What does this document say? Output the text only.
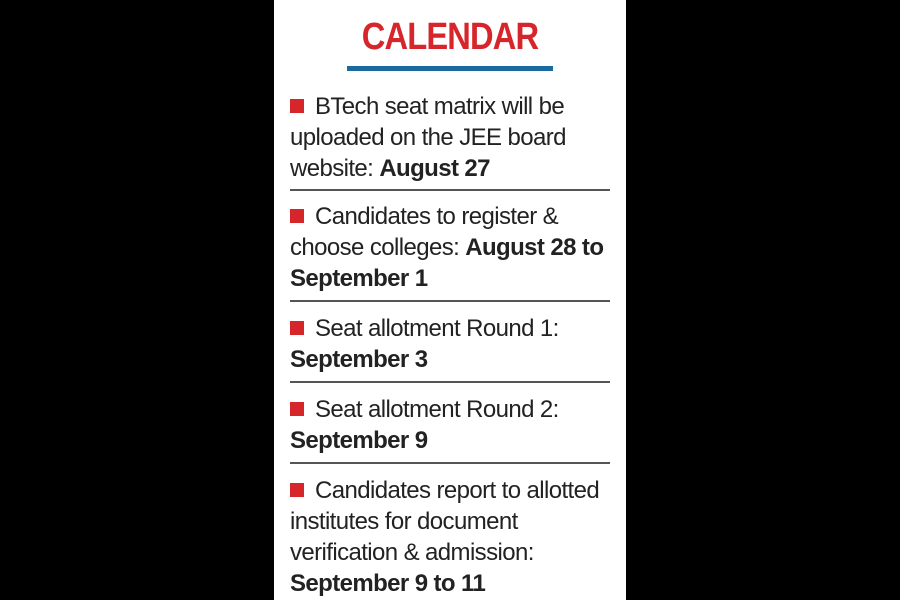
CALENDAR
BTech seat matrix will be uploaded on the JEE board website: August 27
Candidates to register & choose colleges: August 28 to September 1
Seat allotment Round 1: September 3
Seat allotment Round 2: September 9
Candidates report to allotted institutes for document verification & admission: September 9 to 11
